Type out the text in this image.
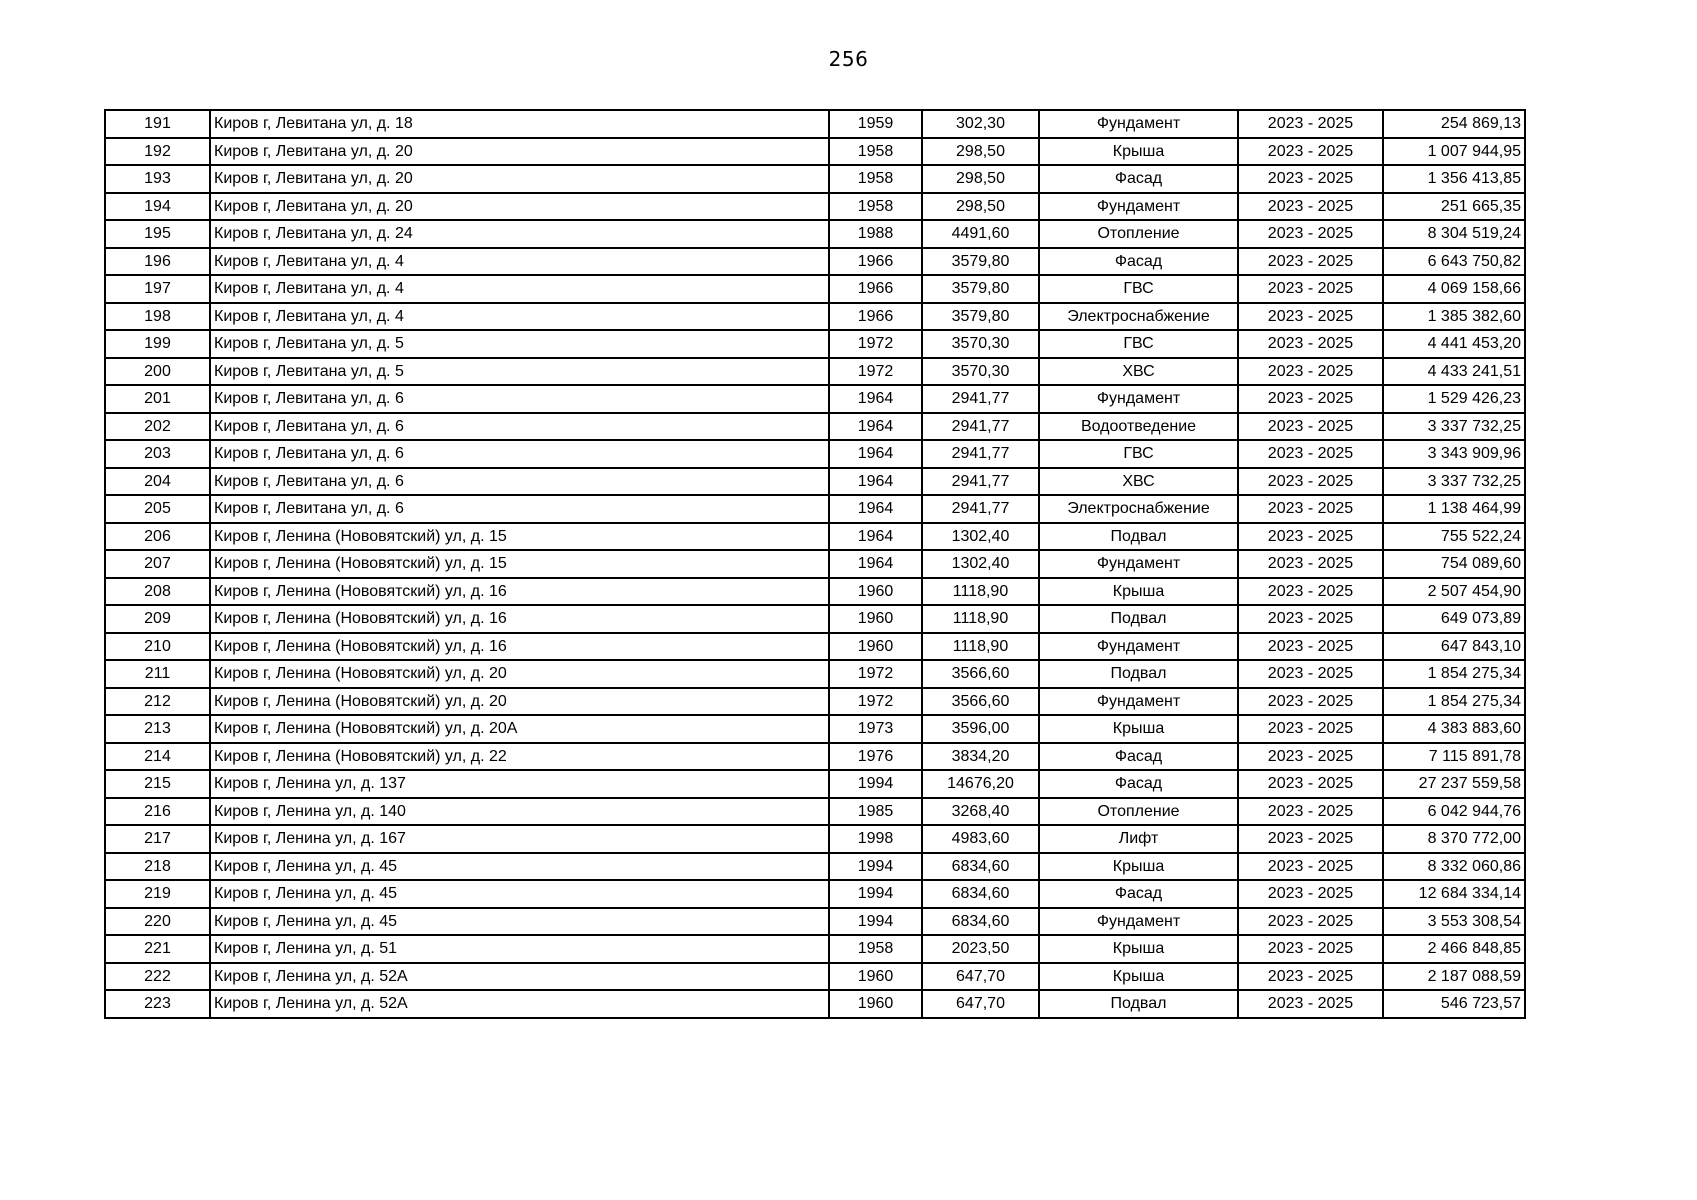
256
191	Киров г, Левитана ул, д. 18	1959	302,30	Фундамент	2023 - 2025	254 869,13
192	Киров г, Левитана ул, д. 20	1958	298,50	Крыша	2023 - 2025	1 007 944,95
193	Киров г, Левитана ул, д. 20	1958	298,50	Фасад	2023 - 2025	1 356 413,85
194	Киров г, Левитана ул, д. 20	1958	298,50	Фундамент	2023 - 2025	251 665,35
195	Киров г, Левитана ул, д. 24	1988	4491,60	Отопление	2023 - 2025	8 304 519,24
196	Киров г, Левитана ул, д. 4	1966	3579,80	Фасад	2023 - 2025	6 643 750,82
197	Киров г, Левитана ул, д. 4	1966	3579,80	ГВС	2023 - 2025	4 069 158,66
198	Киров г, Левитана ул, д. 4	1966	3579,80	Электроснабжение	2023 - 2025	1 385 382,60
199	Киров г, Левитана ул, д. 5	1972	3570,30	ГВС	2023 - 2025	4 441 453,20
200	Киров г, Левитана ул, д. 5	1972	3570,30	ХВС	2023 - 2025	4 433 241,51
201	Киров г, Левитана ул, д. 6	1964	2941,77	Фундамент	2023 - 2025	1 529 426,23
202	Киров г, Левитана ул, д. 6	1964	2941,77	Водоотведение	2023 - 2025	3 337 732,25
203	Киров г, Левитана ул, д. 6	1964	2941,77	ГВС	2023 - 2025	3 343 909,96
204	Киров г, Левитана ул, д. 6	1964	2941,77	ХВС	2023 - 2025	3 337 732,25
205	Киров г, Левитана ул, д. 6	1964	2941,77	Электроснабжение	2023 - 2025	1 138 464,99
206	Киров г, Ленина (Нововятский) ул, д. 15	1964	1302,40	Подвал	2023 - 2025	755 522,24
207	Киров г, Ленина (Нововятский) ул, д. 15	1964	1302,40	Фундамент	2023 - 2025	754 089,60
208	Киров г, Ленина (Нововятский) ул, д. 16	1960	1118,90	Крыша	2023 - 2025	2 507 454,90
209	Киров г, Ленина (Нововятский) ул, д. 16	1960	1118,90	Подвал	2023 - 2025	649 073,89
210	Киров г, Ленина (Нововятский) ул, д. 16	1960	1118,90	Фундамент	2023 - 2025	647 843,10
211	Киров г, Ленина (Нововятский) ул, д. 20	1972	3566,60	Подвал	2023 - 2025	1 854 275,34
212	Киров г, Ленина (Нововятский) ул, д. 20	1972	3566,60	Фундамент	2023 - 2025	1 854 275,34
213	Киров г, Ленина (Нововятский) ул, д. 20А	1973	3596,00	Крыша	2023 - 2025	4 383 883,60
214	Киров г, Ленина (Нововятский) ул, д. 22	1976	3834,20	Фасад	2023 - 2025	7 115 891,78
215	Киров г, Ленина ул, д. 137	1994	14676,20	Фасад	2023 - 2025	27 237 559,58
216	Киров г, Ленина ул, д. 140	1985	3268,40	Отопление	2023 - 2025	6 042 944,76
217	Киров г, Ленина ул, д. 167	1998	4983,60	Лифт	2023 - 2025	8 370 772,00
218	Киров г, Ленина ул, д. 45	1994	6834,60	Крыша	2023 - 2025	8 332 060,86
219	Киров г, Ленина ул, д. 45	1994	6834,60	Фасад	2023 - 2025	12 684 334,14
220	Киров г, Ленина ул, д. 45	1994	6834,60	Фундамент	2023 - 2025	3 553 308,54
221	Киров г, Ленина ул, д. 51	1958	2023,50	Крыша	2023 - 2025	2 466 848,85
222	Киров г, Ленина ул, д. 52А	1960	647,70	Крыша	2023 - 2025	2 187 088,59
223	Киров г, Ленина ул, д. 52А	1960	647,70	Подвал	2023 - 2025	546 723,57
